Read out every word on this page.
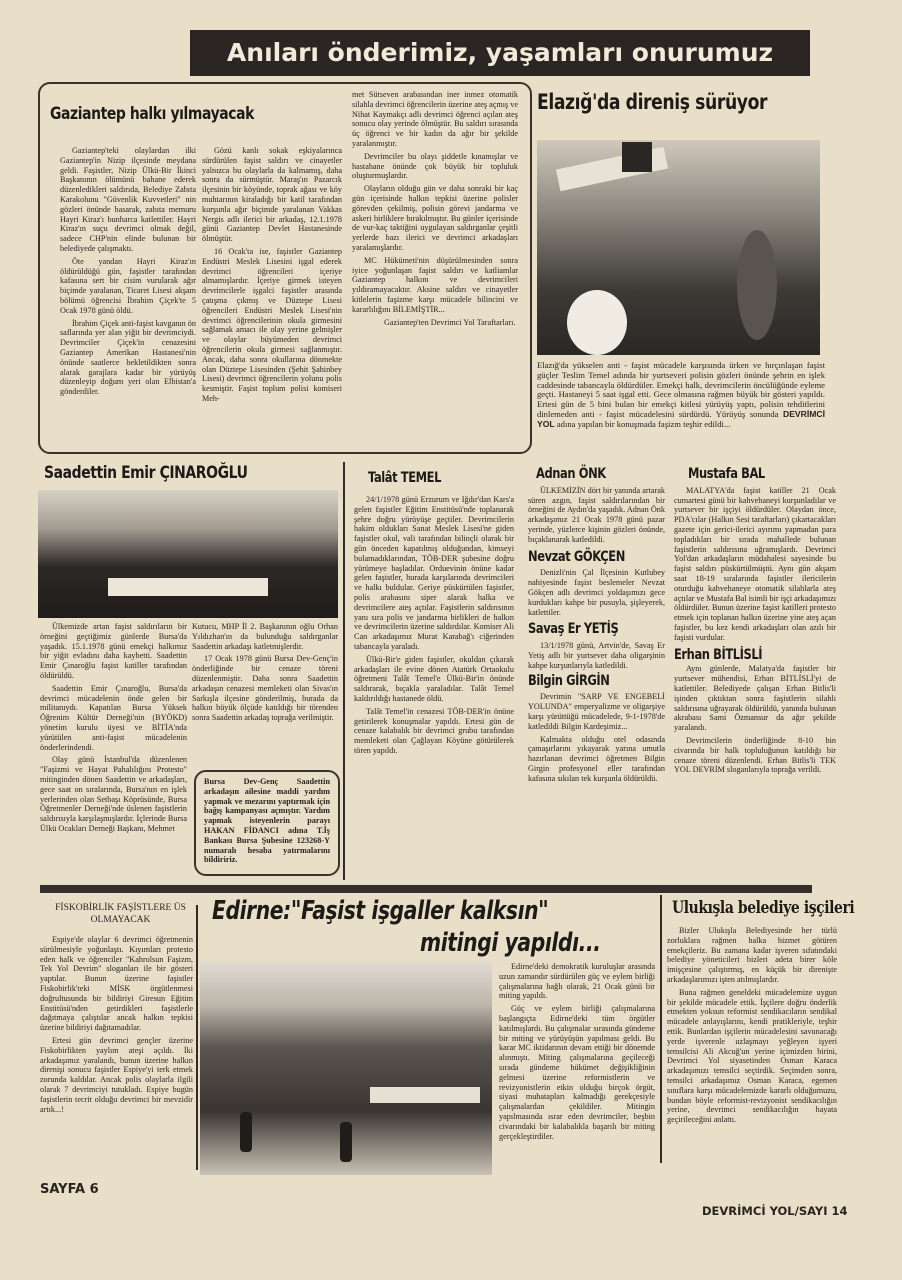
Anıları önderimiz, yaşamları onurumuz
Gaziantep halkı yılmayacak

Gaziantep'teki olaylardan ilki Gaziantep'in Nizip ilçesinde meydana geldi. Faşistler, Nizip Ülkü-Bir İkinci Başkanının ölümünü bahane ederek düzenledikleri saldırıda, Belediye Zabıta Karakolunu "Güvenlik Kuvvetleri" nin gözleri önünde basarak, zabıta memuru Hayri Kiraz'ı bunharca katlettiler. Hayri Kiraz'ın suçu devrimci olmak değil, sadece CHP'nin elinde bulunan bir belediyede çalışmaktı.

Öte yandan Hayri Kiraz'ın öldürüldüğü gün, faşistler tarafından kafasına sert bir cisim vurularak ağır biçimde yaralanan, Ticaret Lisesi akşam bölümü öğrencisi İbrahim Çiçek'te 5 Ocak 1978 günü öldü.

İbrahim Çiçek anti-faşist kavganın ön saflarında yer alan yiğit bir devrimciydi. Devrimciler Çiçek'in cenazesini Gaziantep Amerikan Hastanesi'nin önünde saatlerce bekletildikten sonra alarak garajlara kadar bir yürüyüş düzenleyip doğum yeri olan Elbistan'a gönderdiler.

Gözü kanlı sokak eşkiyalarınca sürdürülen faşist saldırı ve cinayetler yalnızca bu olaylarla da kalmamış, daha sonra da sürmüştür. Maraş'ın Pazarcık ilçesinin bir köyünde, toprak ağası ve köy muhtarının kiraladığı bir katil tarafından kurşunla ağır biçimde yaralanan Vakkas Nergis adlı ilerici bir arkadaş, 12.1.1978 günü Gaziantep Devlet Hastanesinde ölmüştür.

16 Ocak'ta ise, faşistler Gaziantep Endüstri Meslek Lisesini işgal ederek devrimci öğrencileri içeriye almamışlardır. İçeriye girmek isteyen devrimcilerle işgalci faşistler arasında çatışma çıkmış ve Düztepe Lisesi öğrencileri Endüstri Meslek Lisesi'nin devrimci öğrencilerinin okula girmesini sağlamak amacı ile olay yerine gelmişler ve olaylar büyümeden devrimci öğrencilerin okula girmesi sağlanmıştır. Ancak, daha sonra okullarına dönmekte olan Düztepe Lisesinden (Şehit Şahinbey Lisesi) devrimci öğrencilerin yolunu polis kesmiştir. Faşist toplum polisi komiseri Meh-

met Sütseven arabasından iner inmez otomatik silahla devrimci öğrencilerin üzerine ateş açmış ve Nihat Kaymakçı adlı devrimci öğrenci açılan ateş sonucu olay yerinde ölmüştür. Bu saldırı sırasında üç öğrenci ve bir kadın da ağır bir şekilde yaralanmıştır.

Devrimciler bu olayı şiddetle kınamışlar ve hastahane önünde çok büyük bir topluluk oluşturmuşlardır.

Olayların olduğu gün ve daha sonraki bir kaç gün içerisinde halkın tepkisi üzerine polisler görevden çekilmiş, polisin görevi jandarma ve askeri birliklere bırakılmıştır. Bu günler içerisinde de vur-kaç taktiğini uygulayan saldırganlar çeşitli yerlerde bazı ilerici ve devrimci arkadaşları yaralamışlardır.

MC Hükümeti'nin düşürülmesinden sonra iyice yoğunlaşan faşist saldırı ve katliamlar Gaziantep halkını ve devrimcileri yıldıramayacaktır. Aksine saldırı ve cinayetler kitlelerin faşizme karşı mücadele bilincini ve kararlılığını BİLEMİŞTİR...

Gaziantep'ten Devrimci Yol Taraftarları.

Elazığ'da direniş sürüyor
Elazığ'da yükselen anti - faşist mücadele karşısında ürken ve hırçınlaşan faşist güçler Teslim Temel adında bir yurtseveri polisin gözleri önünde şehrin en işlek caddesinde tabancayla öldürdüler. Emekçi halk, devrimcilerin öncülüğünde eyleme geçti. Hastaneyi 5 saat işgal etti. Gece olmasına rağmen büyük bir gösteri yapıldı. Ertesi gün de 5 bini bulan bir emekçi kitlesi yürüyüş yaptı, polisin tehditlerini dinlemeden anti - faşist mücadelesini sürdürdü. Yürüyüş sonunda DEVRİMCİ YOL adına yapılan bir konuşmada faşizm teşhir edildi...
Saadettin Emir ÇINAROĞLU

Ülkemizde artan faşist saldırıların bir örneğini geçtiğimiz günlerde Bursa'da yaşadık. 15.1.1978 günü emekçi halkımız bir yiğit evladını daha kaybetti. Saadettin Emir Çınaroğlu faşist katiller tarafından öldürüldü.

Saadettin Emir Çınaroğlu, Bursa'da devrimci mücadelenin önde gelen bir militanıydı. Kapatılan Bursa Yüksek Öğrenim Kültür Derneği'nin (BYÖKD) yönetim kurulu üyesi ve BİTİA'nda yürütülen anti-faşist mücadelenin önderlerindendi.

Olay günü İstanbul'da düzenlenen "Faşizmi ve Hayat Pahalılığını Protesto" mitinginden dönen Saadettin ve arkadaşları, gece saat on sıralarında, Bursa'nın en işlek yerlerinden olan Setbaşı Köprüsünde, Bursa Öğretmenler Derneği'nde üslenen faşistlerin saldırısıyla karşılaşmışlardır. İçlerinde Bursa Ülkü Ocakları Derneği Başkanı, Mehmet

Kutucu, MHP İl 2. Başkanının oğlu Orhan Yıldızhan'ın da bulunduğu saldırganlar Saadettin arkadaşı katletmişlerdir.

17 Ocak 1978 günü Bursa Dev-Genç'in önderliğinde bir cenaze töreni düzenlenmiştir. Daha sonra Saadettin arkadaşın cenazesi memleketi olan Sivas'ın Sarkışla ilçesine gönderilmiş, burada da halkın büyük ölçüde katıldığı bir törenden sonra Saadettin arkadaş toprağa verilmiştir.

Bursa Dev-Genç Saadettin arkadaşın ailesine maddi yardım yapmak ve mezarını yaptırmak için bağış kampanyası açmıştır. Yardım yapmak isteyenlerin parayı HAKAN FİDANCI adına T.İş Bankası Bursa Şubesine 123268-Y numaralı hesaba yatırmalarını bildiririz.
Talât TEMEL

24/1/1978 günü Erzurum ve Iğdır'dan Kars'a gelen faşistler Eğitim Enstitüsü'nde toplanarak şehre doğru yürüyüşe geçtiler. Devrimcilerin hakim oldukları Sanat Meslek Lisesi'ne giden faşistler okul, vali tarafından bilinçli olarak bir gün önceden kapatılmış olduğundan, kimseyi bulamadıklarından, TÖB-DER şubesine doğru yürümeye başladılar. Orduevinin önüne kadar gelen faşistler, burada karşılarında devrimcileri ve halkı buldular. Geriye püskürtülen faşistler, polis arabasını siper alarak halka ve devrimcilere ateş açtılar. Faşistlerin saldırısının yanı sıra polis ve jandarma birlikleri de halkın ve devrimcilerin üzerine saldırdılar. Komiser Ali Can arkadaşımız Murat Karabağ'ı ciğerinden tabancayla yaraladı.

Ülkü-Bir'e giden faşistler, okuldan çıkarak arkadaşları ile evine dönen Atatürk Ortaokulu öğretmeni Talât Temel'e Ülkü-Bir'in önünde saldırarak, bıçakla yaraladılar. Talât Temel kaldırıldığı hastanede öldü.

Talât Temel'in cenazesi TÖB-DER'in önüne getirilerek konuşmalar yapıldı. Ertesi gün de cenaze kalabalık bir devrimci grubu tarafından memleketi olan Çağlayan Köyüne götürülerek tören yapıldı.

Adnan ÖNK

ÜLKEMİZİN dört bir yanında artarak süren azgın, faşist saldırılarından bir örneğini de Aydın'da yaşadık. Adnan Önk arkadaşımız 21 Ocak 1978 günü pazar yerinde, yüzlerce kişinin gözleri önünde, bıçaklanarak katledildi.

Nevzat GÖKÇEN

Denizli'nin Çal İlçesinin Kutlubey nahiyesinde faşist beslemeler Nevzat Gökçen adlı devrimci yoldaşımızı gece kurdukları kahpe bir pusuyla, şişleyerek, katlettiler.

Savaş Er YETİŞ

13/1/1978 günü, Artvin'de, Savaş Er Yetiş adlı bir yurtsever daha oligarşinin kahpe kurşunlarıyla katledildi.

Bilgin GİRGİN

Devrimin "SARP VE ENGEBELİ YOLUNDA" emperyalizme ve oligarşiye karşı yürüttüğü mücadelede, 9-1-1978'de katledildi Bilgin Kardeşimiz...

Kalmakta olduğu otel odasında çamaşırlarını yıkayarak yarına umutla hazırlanan devrimci öğretmen Bilgin Girgin profesyonel eller tarafından kafasına sıkılan tek kurşunla öldürüldü.

Mustafa BAL

MALATYA'da faşist katiller 21 Ocak cumartesi günü bir kahvehaneyi kurşunladılar ve yurtsever bir işçiyi öldürdüler. Olaydan önce, PDA'cılar (Halkın Sesi taraftarları) çıkartacakları gazete için gerici-ilerici ayırımı yapmadan para topladıkları bir sırada mahallede bulunan faşistlerin saldırısına uğramışlardı. Devrimci Yol'dan arkadaşların müdahalesi sayesinde bu faşist saldırı püskürtülmüştü. Aynı gün akşam saat 18-19 sıralarında faşistler ilericilerin oturduğu kahvehaneye otomatik silahlarla ateş açtılar ve Mustafa Bal isimli bir işçi arkadaşımızı öldürdüler. Bunun üzerine faşist katilleri protesto etmek için toplanan halkın üzerine yine ateş açan faşistler, bu kez kendi arkadaşları olan azılı bir faşisti vurdular.

Erhan BİTLİSLİ

Aynı günlerde, Malatya'da faşistler bir yurtsever mühendisi, Erhan BİTLİSLİ'yi de katlettiler. Belediyede çalışan Erhan Bitlis'li işinden çıktıktan sonra faşistlerin silahlı saldırısına uğrayarak öldürüldü, yanında bulunan akrabası Sami Özmansur da ağır şekilde yaralandı.

Devrimcilerin önderliğinde 8-10 bin civarında bir halk topluluğunun katıldığı bir cenaze töreni düzenlendi. Erhan Bitlis'li TEK YOL DEVRİM sloganlarıyla toprağa verildi.

FİSKOBİRLİK FAŞİSTLERE ÜS OLMAYACAK

Espiye'de olaylar 6 devrimci öğretmenin sürülmesiyle yoğunlaştı. Kıyımları protesto eden halk ve öğrenciler "Kahrolsun Faşizm, Tek Yol Devrim" sloganları ile bir gösteri yaptılar. Bunun üzerine faşistler Fiskobirlik'teki MİSK örgütlenmesi doğrultusunda bir bildiriyi Giresun Eğitim Enstitüsü'nden getirdikleri faşistlerle dağıtmaya çalıştılar ancak halkın tepkisi üzerine bildiriyi dağıtamadılar.

Ertesi gün devrimci gençler üzerine Fiskobirlikten yaylım ateşi açıldı. İki arkadaşımız yaralandı, bunun üzerine halkın direnişi sonucu faşistler Espiye'yi terk etmek zorunda kaldılar. Ancak polis olaylarla ilgili olarak 7 devrimciyi tutukladı. Espiye bugün faşistlerin tecrit olduğu devrimci bir mevzidir artık...!

SAYFA 6
Edirne:"Faşist işgaller kalksın"
mitingi yapıldı...

Edirne'deki demokratik kuruluşlar arasında uzun zamandır sürdürülen güç ve eylem birliği çalışmalarına bağlı olarak, 21 Ocak günü bir miting yapıldı.

Güç ve eylem birliği çalışmalarına başlangıçta Edirne'deki tüm örgütler katılmışlardı. Bu çalışmalar sırasında gündeme bir miting ve yürüyüşün yapılması geldi. Bu karar MC iktidarının devam ettiği bir dönemde alınmıştı. Miting çalışmalarına geçileceği sırada gündeme hükümet değişikliğinin gelmesi üzerine reformistlerin ve revizyonistlerin etkin olduğu birçok örgüt, siyasi muhatapları kalmadığı gerekçesiyle çalışmalardan çekildiler. Mitingin yapılmasında ısrar eden devrimciler, beşbin civarındaki bir kalabalıkla başarılı bir miting gerçekleştirdiler.

Ulukışla belediye işçileri

Bizler Ulukışla Belediyesinde her türlü zorluklara rağmen halka hizmet götüren emekçileriz. Bu zamana kadar işveren sıfatındaki belediye yöneticileri bizleri adeta birer köle imişçesine çalıştırmış, en küçük bir direnişte arkadaşlarımızı işten atılmışlardır.

Buna rağmen geneldeki mücadelemize uygun bir şekilde mücadele ettik. İşçilere doğru önderlik etmekten yoksun reformist sendikacıların sendikal mücadele anlayışlarını, kendi pratikleriyle, teşhir ettik. Bunlardan işçilerin mücadelesini savunacağı yerde işverenle uzlaşmayı yeğleyen işyeri temsilcisi Ali Akcuğ'un yerine içimizden birini, Devrimci Yol siyasetinden Osman Karaca arkadaşımızı temsilci seçtirdik. Seçimden sonra, temsilci arkadaşımız Osman Karaca, egemen sınıflara karşı mücadelemizde kararlı olduğumuzu, bundan böyle reformist-revizyonist sendikacılığın yerine, devrimci sendikacılığın hayata geçirileceğini anlattı.

DEVRİMCİ YOL/SAYI 14
